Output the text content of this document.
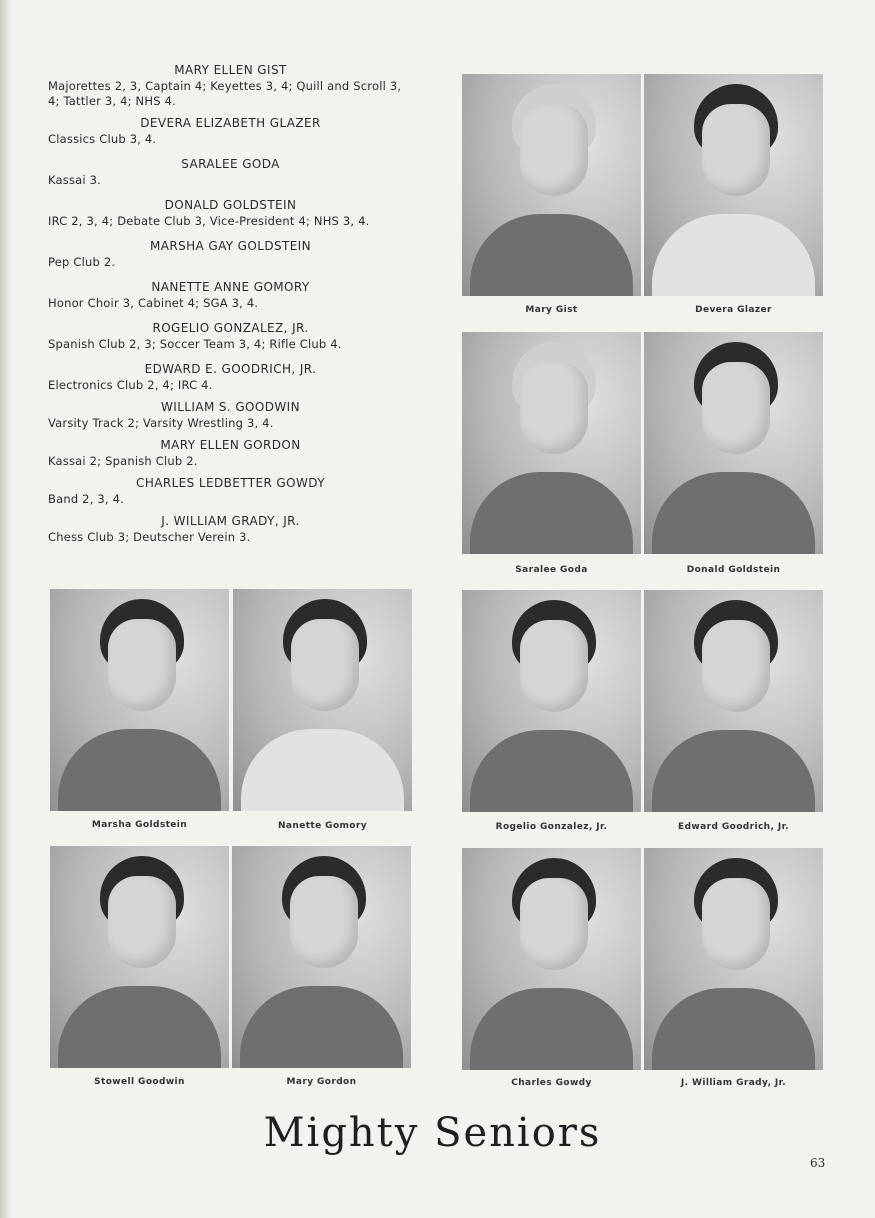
MARY ELLEN GIST
Majorettes 2, 3, Captain 4; Keyettes 3, 4; Quill and Scroll 3, 4; Tattler 3, 4; NHS 4.
DEVERA ELIZABETH GLAZER
Classics Club 3, 4.
SARALEE GODA
Kassai 3.
DONALD GOLDSTEIN
IRC 2, 3, 4; Debate Club 3, Vice-President 4; NHS 3, 4.
MARSHA GAY GOLDSTEIN
Pep Club 2.
NANETTE ANNE GOMORY
Honor Choir 3, Cabinet 4; SGA 3, 4.
ROGELIO GONZALEZ, JR.
Spanish Club 2, 3; Soccer Team 3, 4; Rifle Club 4.
EDWARD E. GOODRICH, JR.
Electronics Club 2, 4; IRC 4.
WILLIAM S. GOODWIN
Varsity Track 2; Varsity Wrestling 3, 4.
MARY ELLEN GORDON
Kassai 2; Spanish Club 2.
CHARLES LEDBETTER GOWDY
Band 2, 3, 4.
J. WILLIAM GRADY, JR.
Chess Club 3; Deutscher Verein 3.
Mary Gist	Devera Glazer
Saralee Goda	Donald Goldstein
Marsha Goldstein	Nanette Gomory	Rogelio Gonzalez, Jr.	Edward Goodrich, Jr.
Stowell Goodwin	Mary Gordon	Charles Gowdy	J. William Grady, Jr.
Mighty Seniors
63
